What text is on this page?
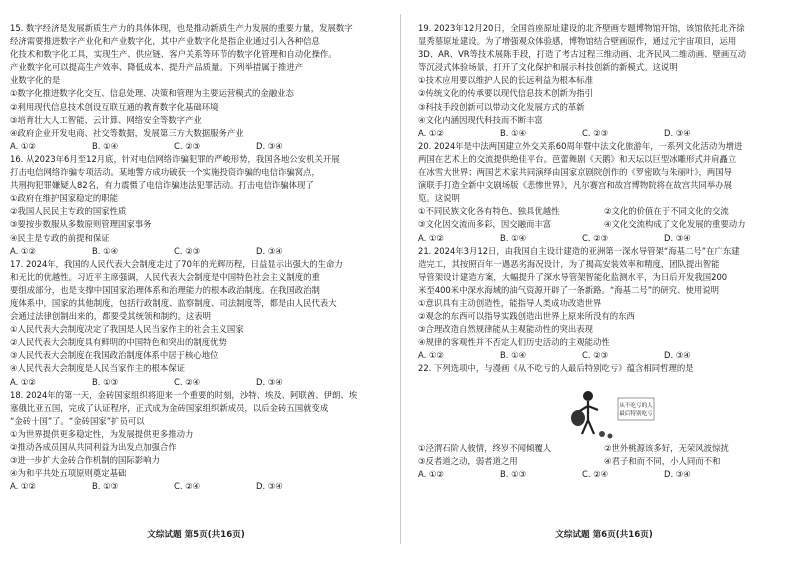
15. 数字经济是发展新质生产力的具体体现，也是推动新质生产力发展的重要力量，发展数字

经济需要推进数字产业化和产业数字化，其中产业数字化是指企业通过引入各种信息

化技术和数字化工具，实现生产、供应链、客户关系等环节的数字化管理和自动化操作。

产业数字化可以提高生产效率、降低成本、提升产品质量。下列举措属于推进产

业数字化的是

①数字化推进数字化交互、信息处理、决策和管理为主要运营模式的金融业态

②利用现代信息技术创设互联互通的教育数字化基础环境

③培育壮大人工智能、云计算、网络安全等数字产业

④政府企业开发电商、社交等数据，发展第三方大数据服务产业

A. ①②	B. ①④	C. ②③	D. ③④

16. 从2023年6月至12月底，针对电信网络诈骗犯罪的严峻形势，我国各地公安机关开展

打击电信网络诈骗专项活动。某地警方成功破获一个实施投资诈骗的电信诈骗窝点，

共刑拘犯罪嫌疑人82名，有力震慑了电信诈骗违法犯罪活动。打击电信诈骗体现了

①政府在维护国家稳定的职能

②我国人民民主专政的国家性质

③要按步数服从多数原则管理国家事务

④民主是专政的前提和保证

A. ①②	B. ①④	C. ②③	D. ③④

17. 2024年，我国的人民代表大会制度走过了70年的光辉历程，日益显示出强大的生命力

和无比的优越性。习近平主席强调，人民代表大会制度是中国特色社会主义制度的重

要组成部分，也是支撑中国国家治理体系和治理能力的根本政治制度。在我国政治制

度体系中，国家的其他制度，包括行政制度、监察制度、司法制度等，都是由人民代表大

会通过法律创制出来的，都要受其统领和制约。这表明

①人民代表大会制度决定了我国是人民当家作主的社会主义国家

②人民代表大会制度具有鲜明的中国特色和突出的制度优势

③人民代表大会制度在我国政治制度体系中居于核心地位

④人民代表大会制度是人民当家作主的根本保证

A. ①②	B. ①③	C. ②④	D. ③④

18. 2024年的第一天，金砖国家组织将迎来一个重要的时刻，沙特、埃及、阿联酋、伊朗、埃

塞俄比亚五国，完成了认证程序，正式成为金砖国家组织新成员，以后金砖五国就变成

“金砖十国”了。“金砖国家”扩员可以

①为世界提供更多稳定性，为发展提供更多推动力

②推动各成员国从共同利益为出发点加强合作

③进一步扩大金砖合作机制的国际影响力

④为和平共处五项原则奠定基础

A. ①②	B. ①③	C. ②④	D. ③④
文综试题 第5页(共16页)

19. 2023年12月20日，全国首座原址建设的北齐壁画专题博物馆开馆，该馆依托北齐徐

显秀墓原址建设。为了增强观众体验感，博物馆结合壁画原作，通过元宇宙项目，运用

3D、AR、VR等技术展陈手段，打造了考古过程三维动画、北齐民风二维动画、壁画互动

等沉浸式体验场景，打开了文化保护和展示科技创新的新模式。这说明

①技术应用要以维护人民的长远利益为根本标准

②传统文化的传承要以现代信息技术创新为指引

③科技手段创新可以带动文化发展方式的革新

④文化内涵因现代科技而不断丰富

A. ①②	B. ①④	C. ②③	D. ③④

20. 2024年是中法两国建立外交关系60周年暨中法文化旅游年，一系列文化活动为增进

两国在艺术上的交流提供绝佳平台。芭蕾舞剧《天鹅》和天坛以巨型冰雕形式并肩矗立

在冰雪大世界；两国艺术家共同演绎由国家京剧院创作的《罗密欧与朱丽叶》，两国导

演联手打造全新中文剧场版《悲惨世界》，凡尔赛宫和故宫博物院将在故宫共同举办展

览。这说明

①不同民族文化各有特色、独具优越性	②文化的价值在于不同文化的交流
③文化因交流而多彩，因交融而丰富	④文化交流构成了文化发展的重要动力
A. ①②	B. ①④	C. ②③	D. ③④

21. 2024年3月12日，由我国自主设计建造的亚洲第一深水导管架“海基二号”在广东建

造完工，其按照百年一遇恶劣海况设计，为了揭高安装效率和精度，团队提出智能

导管架设计建造方案，大幅提升了深水导管架智能化监测水平，为日后开发我国200

米至400米中深水海域的油气资源开辟了一条新路。“海基二号”的研究、使用说明

①意识具有主动创造性，能指导人类成功改造世界

②观念的东西可以指导实践创造出世界上原来所没有的东西

③合理改造自然规律能从主观能动性的突出表现

④规律的客观性并不否定人们历史活动的主观能动性

A. ①②	B. ①④	C. ②③	D. ③④

22. 下列选项中，与漫画《从不吃亏的人最后特别吃亏》蕴含相同哲理的是

从不吃亏的人
最后特别吃亏
①泾渭石阶人彼情，终岁不闻倾覆人	②世外桃源该多好，无荣风波惊扰
③反者道之动，弱者道之用	④君子和而不同，小人同而不和
A. ①②	B. ①③	C. ②④	D. ③④
文综试题 第6页(共16页)
